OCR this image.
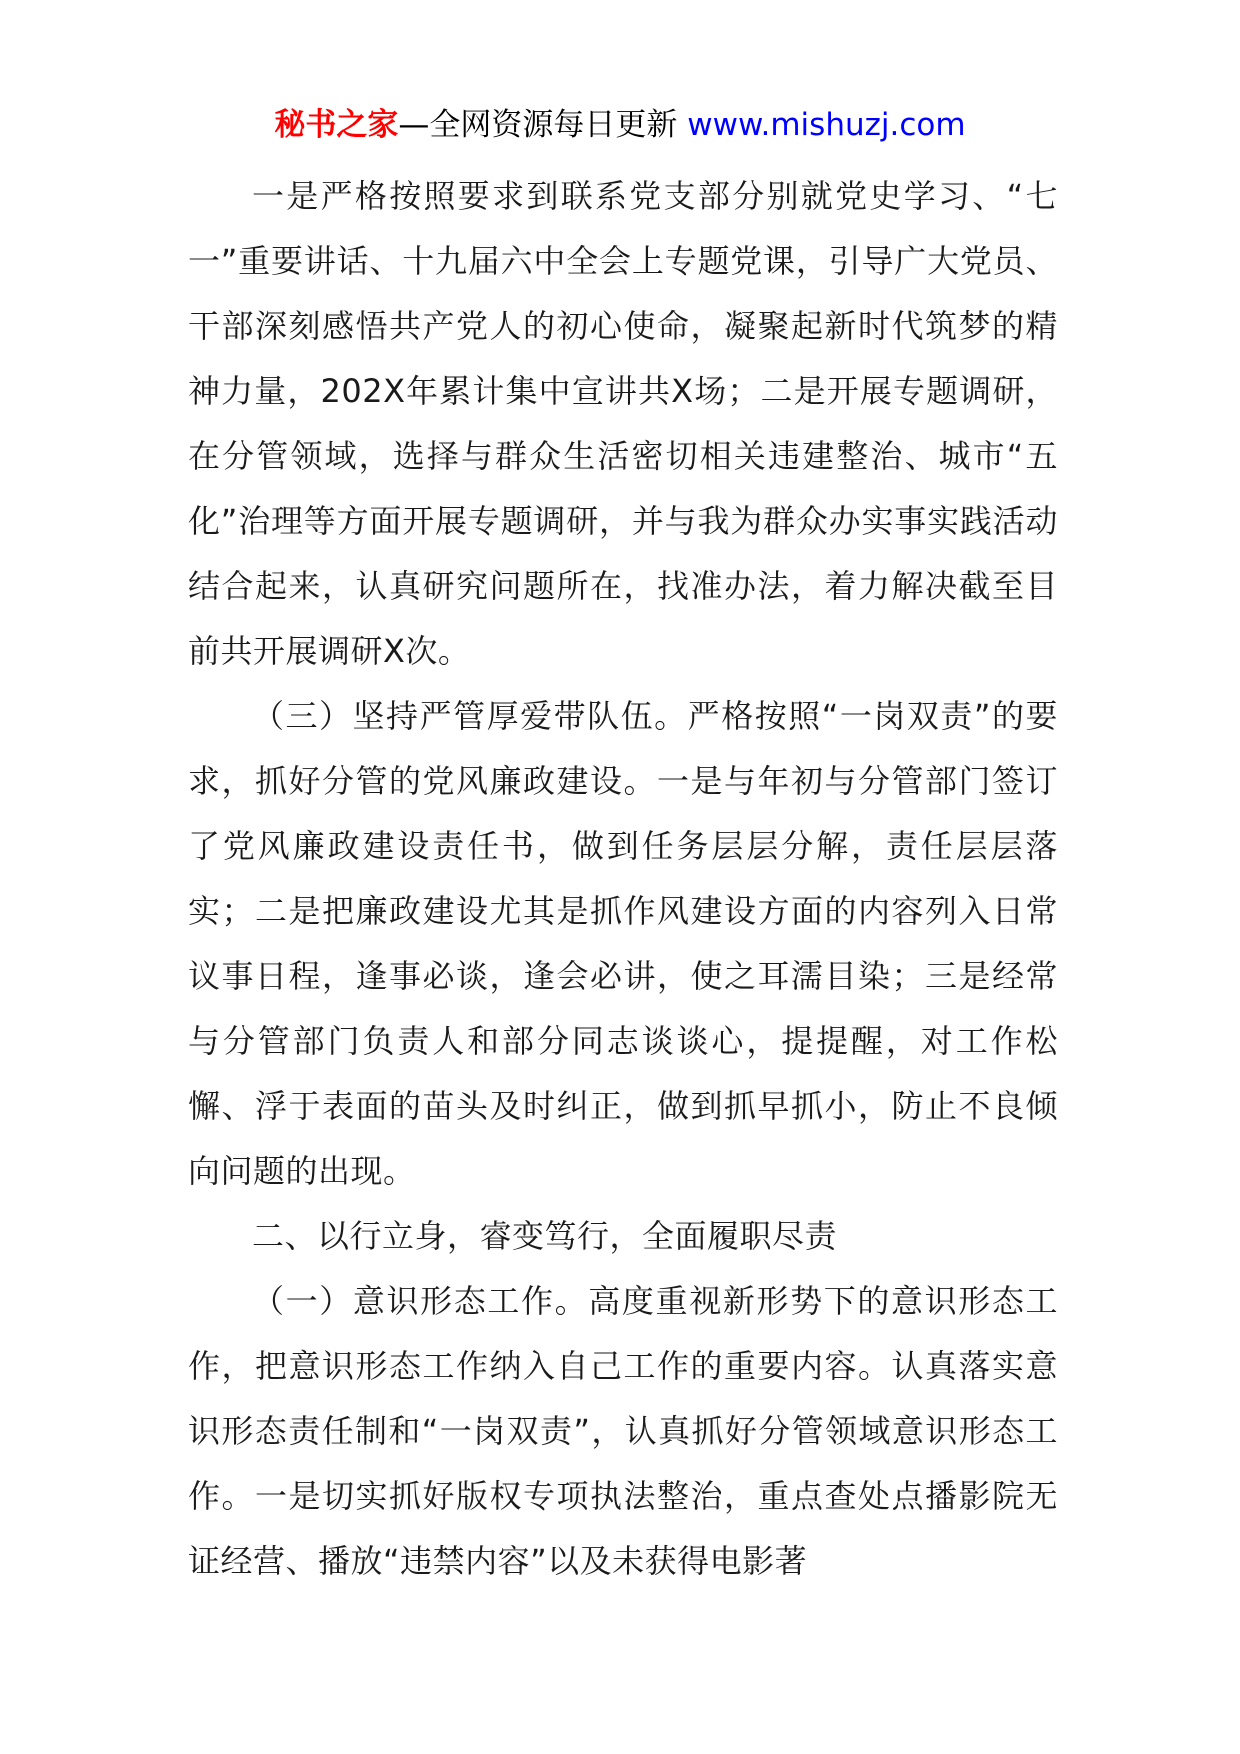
秘书之家—全网资源每日更新 www.mishuzj.com

一是严格按照要求到联系党支部分别就党史学习、“七一”重要讲话、十九届六中全会上专题党课，引导广大党员、干部深刻感悟共产党人的初心使命，凝聚起新时代筑梦的精神力量，202X年累计集中宣讲共X场；二是开展专题调研，在分管领域，选择与群众生活密切相关违建整治、城市“五化”治理等方面开展专题调研，并与我为群众办实事实践活动结合起来，认真研究问题所在，找准办法，着力解决截至目前共开展调研X次。

（三）坚持严管厚爱带队伍。严格按照“一岗双责”的要求，抓好分管的党风廉政建设。一是与年初与分管部门签订了党风廉政建设责任书，做到任务层层分解，责任层层落实；二是把廉政建设尤其是抓作风建设方面的内容列入日常议事日程，逢事必谈，逢会必讲，使之耳濡目染；三是经常与分管部门负责人和部分同志谈谈心，提提醒，对工作松懈、浮于表面的苗头及时纠正，做到抓早抓小，防止不良倾向问题的出现。

二、以行立身，睿变笃行，全面履职尽责

（一）意识形态工作。高度重视新形势下的意识形态工作，把意识形态工作纳入自己工作的重要内容。认真落实意识形态责任制和“一岗双责”，认真抓好分管领域意识形态工作。一是切实抓好版权专项执法整治，重点查处点播影院无证经营、播放“违禁内容”以及未获得电影著
